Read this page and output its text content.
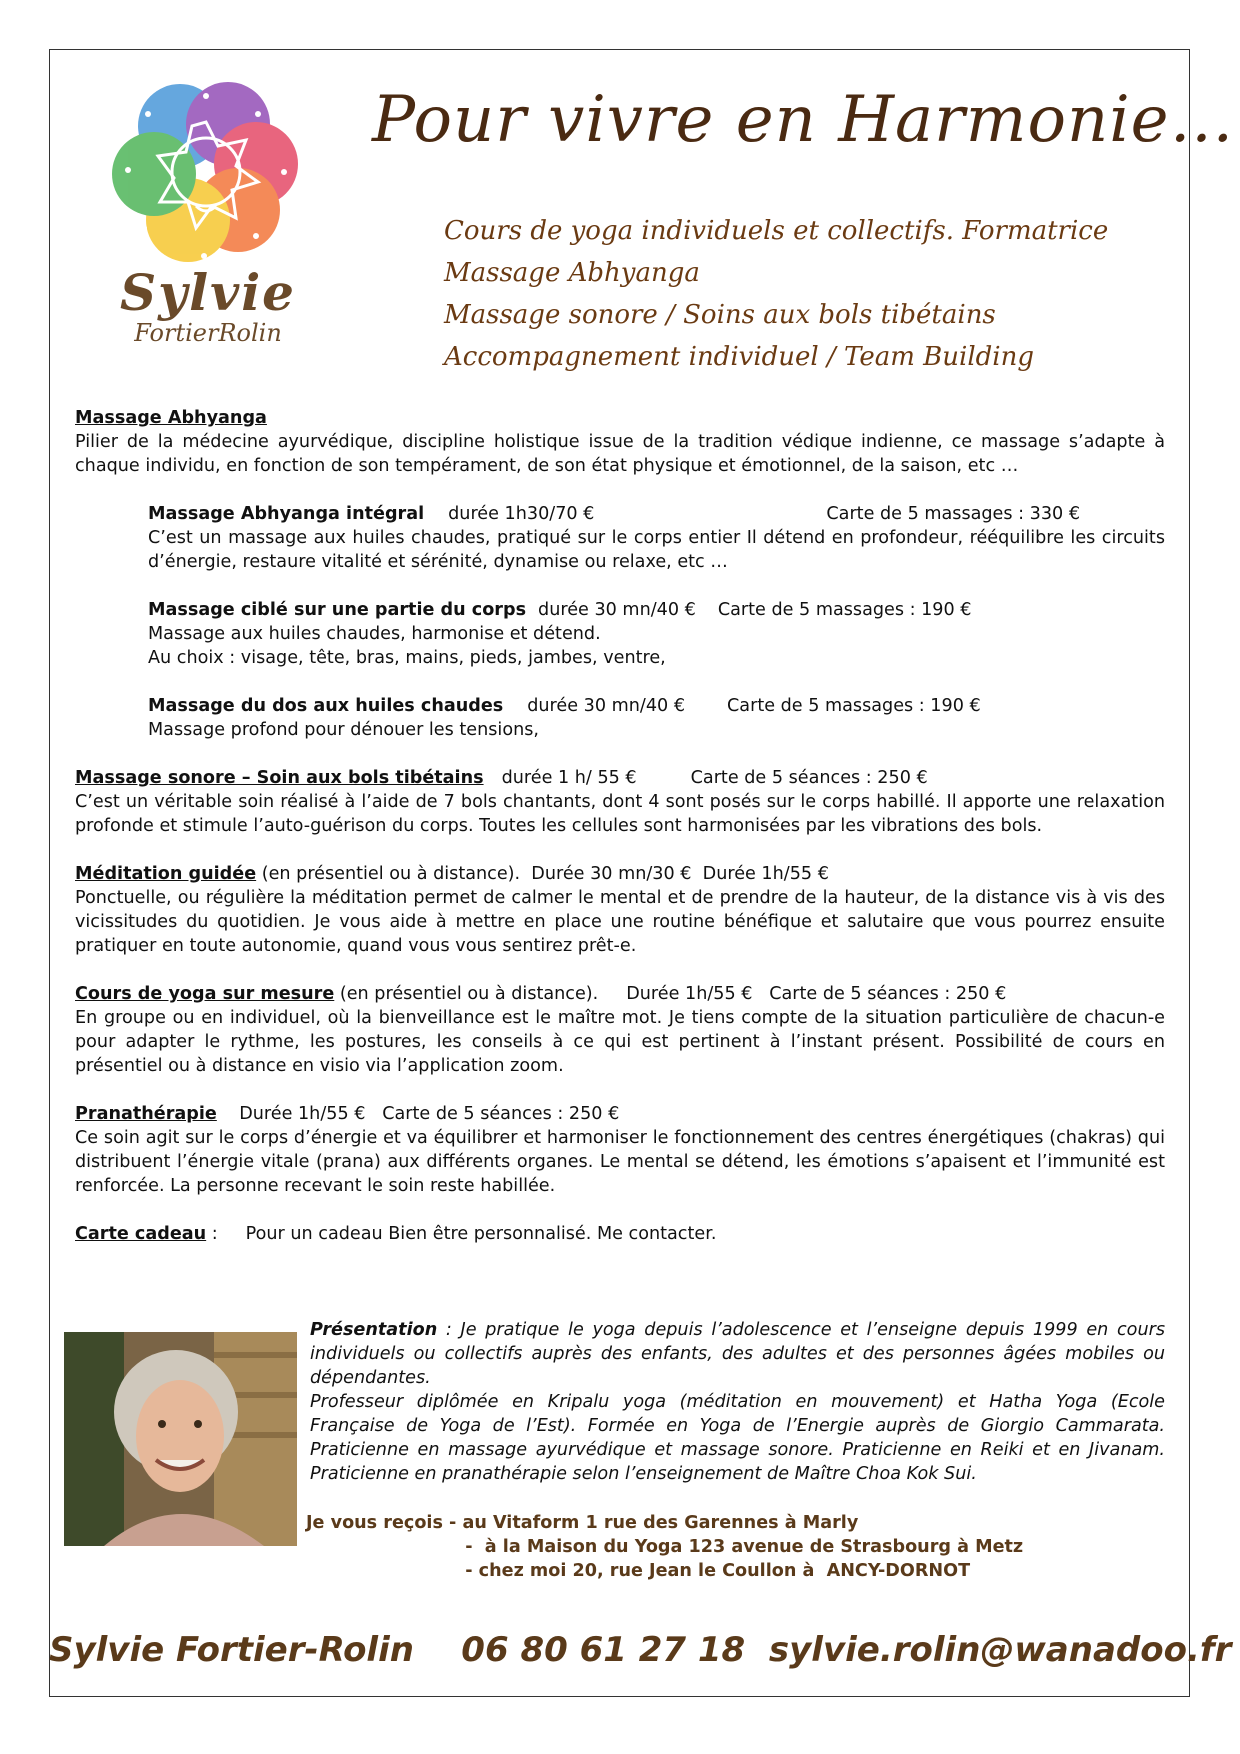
Sylvie
FortierRolin
Pour vivre en Harmonie…
Cours de yoga individuels et collectifs. Formatrice
Massage Abhyanga
Massage sonore / Soins aux bols tibétains
Accompagnement individuel / Team Building

Massage Abhyanga

Pilier de la médecine ayurvédique, discipline holistique issue de la tradition védique indienne, ce massage s’adapte à chaque individu, en fonction de son tempérament, de son état physique et émotionnel, de la saison, etc …

Massage Abhyanga intégral durée 1h30/70 €	Carte de 5 massages : 330 €

C’est un massage aux huiles chaudes, pratiqué sur le corps entier Il détend en profondeur, rééquilibre les circuits d’énergie, restaure vitalité et sérénité, dynamise ou relaxe, etc …

Massage ciblé sur une partie du corps durée 30 mn/40 € Carte de 5 massages : 190 €

Massage aux huiles chaudes, harmonise et détend.

Au choix : visage, tête, bras, mains, pieds, jambes, ventre,

Massage du dos aux huiles chaudes durée 30 mn/40 € Carte de 5 massages : 190 €

Massage profond pour dénouer les tensions,

Massage sonore – Soin aux bols tibétains durée 1 h/ 55 €	Carte de 5 séances : 250 €

C’est un véritable soin réalisé à l’aide de 7 bols chantants, dont 4 sont posés sur le corps habillé. Il apporte une relaxation profonde et stimule l’auto-guérison du corps. Toutes les cellules sont harmonisées par les vibrations des bols.

Méditation guidée (en présentiel ou à distance).  Durée 30 mn/30 €  Durée 1h/55 €

Ponctuelle, ou régulière la méditation permet de calmer le mental et de prendre de la hauteur, de la distance vis à vis des vicissitudes du quotidien. Je vous aide à mettre en place une routine bénéfique et salutaire que vous pourrez ensuite pratiquer en toute autonomie, quand vous vous sentirez prêt-e.

Cours de yoga sur mesure (en présentiel ou à distance).     Durée 1h/55 €   Carte de 5 séances : 250 €

En groupe ou en individuel, où la bienveillance est le maître mot. Je tiens compte de la situation particulière de chacun-e pour adapter le rythme, les postures, les conseils à ce qui est pertinent à l’instant présent. Possibilité de cours en présentiel ou à distance en visio via l’application zoom.

Pranathérapie    Durée 1h/55 €   Carte de 5 séances : 250 €

Ce soin agit sur le corps d’énergie et va équilibrer et harmoniser le fonctionnement des centres énergétiques (chakras) qui distribuent l’énergie vitale (prana) aux différents organes. Le mental se détend, les émotions s’apaisent et l’immunité est renforcée. La personne recevant le soin reste habillée.

Carte cadeau :     Pour un cadeau Bien être personnalisé. Me contacter.

Présentation : Je pratique le yoga depuis l’adolescence et l’enseigne depuis 1999 en cours individuels ou collectifs auprès des enfants, des adultes et des personnes âgées mobiles ou dépendantes.

Professeur diplômée en Kripalu yoga (méditation en mouvement) et Hatha Yoga (Ecole Française de Yoga de l’Est). Formée en Yoga de l’Energie auprès de Giorgio Cammarata. Praticienne en massage ayurvédique et massage sonore. Praticienne en Reiki et en Jivanam. Praticienne en pranathérapie selon l’enseignement de Maître Choa Kok Sui.

Je vous reçois - au Vitaform 1 rue des Garennes à Marly
-  à la Maison du Yoga 123 avenue de Strasbourg à Metz
- chez moi 20, rue Jean le Coullon à  ANCY-DORNOT
Sylvie Fortier-Rolin 06 80 61 27 18 sylvie.rolin@wanadoo.fr
